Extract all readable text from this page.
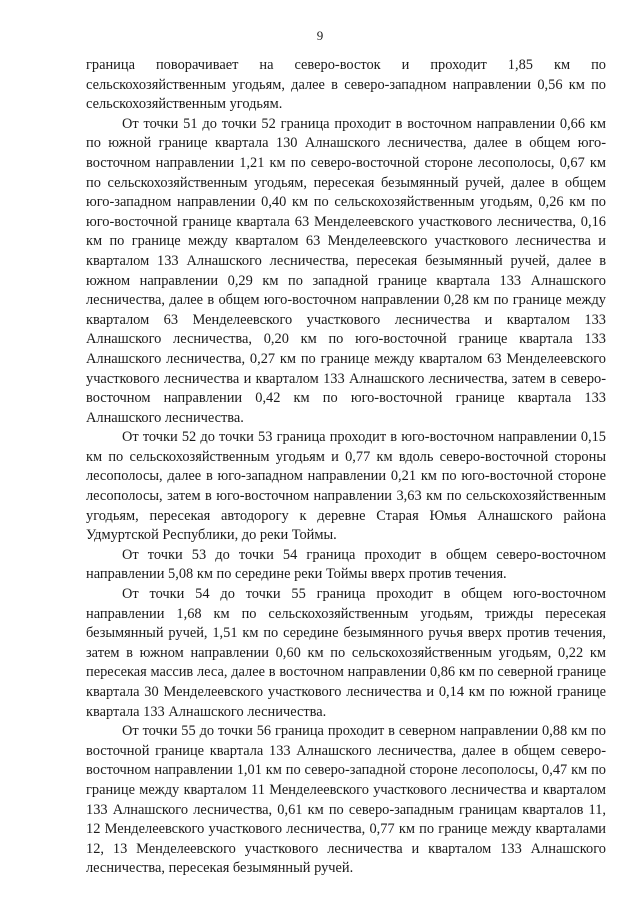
9

граница поворачивает на северо-восток и проходит 1,85 км по сельскохозяйственным угодьям, далее в северо-западном направлении 0,56 км по сельскохозяйственным угодьям.

От точки 51 до точки 52 граница проходит в восточном направлении 0,66 км по южной границе квартала 130 Алнашского лесничества, далее в общем юго-восточном направлении 1,21 км по северо-восточной стороне лесополосы, 0,67 км по сельскохозяйственным угодьям, пересекая безымянный ручей, далее в общем юго-западном направлении 0,40 км по сельскохозяйственным угодьям, 0,26 км по юго-восточной границе квартала 63 Менделеевского участкового лесничества, 0,16 км по границе между кварталом 63 Менделеевского участкового лесничества и кварталом 133 Алнашского лесничества, пересекая безымянный ручей, далее в южном направлении 0,29 км по западной границе квартала 133 Алнашского лесничества, далее в общем юго-восточном направлении 0,28 км по границе между кварталом 63 Менделеевского участкового лесничества и кварталом 133 Алнашского лесничества, 0,20 км по юго-восточной границе квартала 133 Алнашского лесничества, 0,27 км по границе между кварталом 63 Менделеевского участкового лесничества и кварталом 133 Алнашского лесничества, затем в северо-восточном направлении 0,42 км по юго-восточной границе квартала 133 Алнашского лесничества.

От точки 52 до точки 53 граница проходит в юго-восточном направлении 0,15 км по сельскохозяйственным угодьям и 0,77 км вдоль северо-восточной стороны лесополосы, далее в юго-западном направлении 0,21 км по юго-восточной стороне лесополосы, затем в юго-восточном направлении 3,63 км по сельскохозяйственным угодьям, пересекая автодорогу к деревне Старая Юмья Алнашского района Удмуртской Республики, до реки Тоймы.

От точки 53 до точки 54 граница проходит в общем северо-восточном направлении 5,08 км по середине реки Тоймы вверх против течения.

От точки 54 до точки 55 граница проходит в общем юго-восточном направлении 1,68 км по сельскохозяйственным угодьям, трижды пересекая безымянный ручей, 1,51 км по середине безымянного ручья вверх против течения, затем в южном направлении 0,60 км по сельскохозяйственным угодьям, 0,22 км пересекая массив леса, далее в восточном направлении 0,86 км по северной границе квартала 30 Менделеевского участкового лесничества и 0,14 км по южной границе квартала 133 Алнашского лесничества.

От точки 55 до точки 56 граница проходит в северном направлении 0,88 км по восточной границе квартала 133 Алнашского лесничества, далее в общем северо-восточном направлении 1,01 км по северо-западной стороне лесополосы, 0,47 км по границе между кварталом 11 Менделеевского участкового лесничества и кварталом 133 Алнашского лесничества, 0,61 км по северо-западным границам кварталов 11, 12 Менделеевского участкового лесничества, 0,77 км по границе между кварталами 12, 13 Менделеевского участкового лесничества и кварталом 133 Алнашского лесничества, пересекая безымянный ручей.
